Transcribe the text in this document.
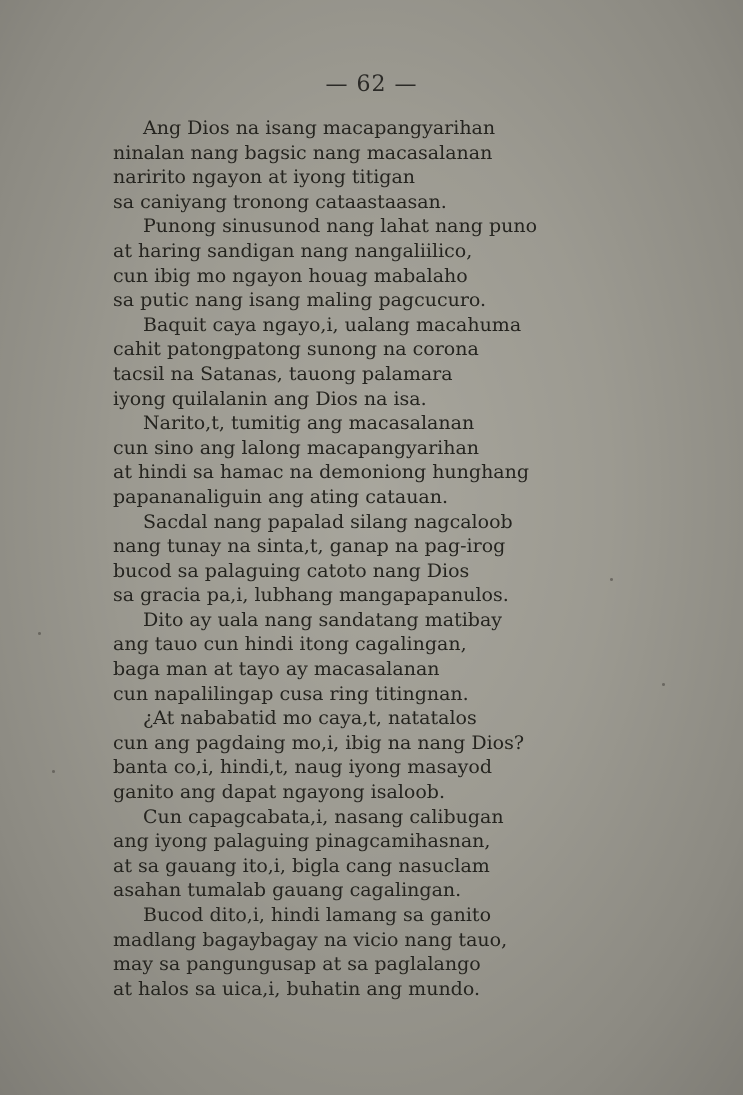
— 62 —
Ang Dios na isang macapangyarihan
ninalan nang bagsic nang macasalanan
naririto ngayon at iyong titigan
sa caniyang tronong cataastaasan.
Punong sinusunod nang lahat nang puno
at haring sandigan nang nangaliilico,
cun ibig mo ngayon houag mabalaho
sa putic nang isang maling pagcucuro.
Baquit caya ngayo,i, ualang macahuma
cahit patongpatong sunong na corona
tacsil na Satanas, tauong palamara
iyong quilalanin ang Dios na isa.
Narito,t, tumitig ang macasalanan
cun sino ang lalong macapangyarihan
at hindi sa hamac na demoniong hunghang
papananaliguin ang ating catauan.
Sacdal nang papalad silang nagcaloob
nang tunay na sinta,t, ganap na pag-irog
bucod sa palaguing catoto nang Dios
sa gracia pa,i, lubhang mangapapanulos.
Dito ay uala nang sandatang matibay
ang tauo cun hindi itong cagalingan,
baga man at tayo ay macasalanan
cun napalilingap cusa ring titingnan.
¿At nababatid mo caya,t, natatalos
cun ang pagdaing mo,i, ibig na nang Dios?
banta co,i, hindi,t, naug iyong masayod
ganito ang dapat ngayong isaloob.
Cun capagcabata,i, nasang calibugan
ang iyong palaguing pinagcamihasnan,
at sa gauang ito,i, bigla cang nasuclam
asahan tumalab gauang cagalingan.
Bucod dito,i, hindi lamang sa ganito
madlang bagaybagay na vicio nang tauo,
may sa pangungusap at sa paglalango
at halos sa uica,i, buhatin ang mundo.
